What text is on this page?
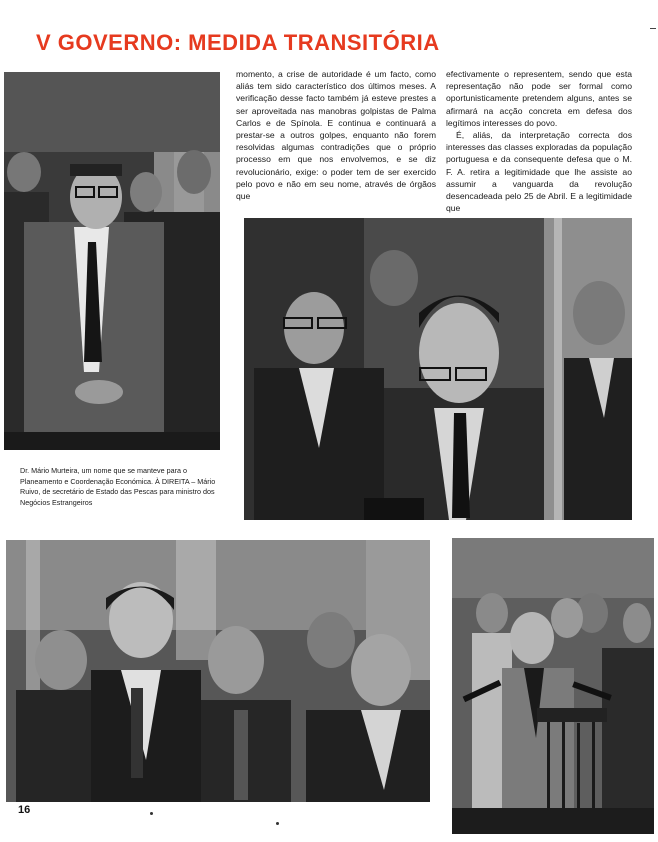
V GOVERNO: MEDIDA TRANSITÓRIA

momento, a crise de autoridade é um facto, como aliás tem sido característico dos últimos meses. A verificação desse facto também já esteve prestes a ser aproveitada nas manobras golpistas de Palma Carlos e de Spínola. E continua e continuará a prestar-se a outros golpes, enquanto não forem resolvidas algumas contradições que o próprio processo em que nos envolvemos, e se diz revolucionário, exige: o poder tem de ser exercido pelo povo e não em seu nome, através de órgãos que

efectivamente o representem, sendo que esta representação não pode ser formal como oportunisticamente pretendem alguns, antes se afirmará na acção concreta em defesa dos legítimos interesses do povo.

É, aliás, da interpretação correcta dos interesses das classes exploradas da população portuguesa e da consequente defesa que o M. F. A. retira a legitimidade que lhe assiste ao assumir a vanguarda da revolução desencadeada pelo 25 de Abril. E a legitimidade que

Dr. Mário Murteira, um nome que se manteve para o Planeamento e Coordenação Económica. À DIREITA – Mário Ruivo, de secretário de Estado das Pescas para ministro dos Negócios Estrangeiros

16
